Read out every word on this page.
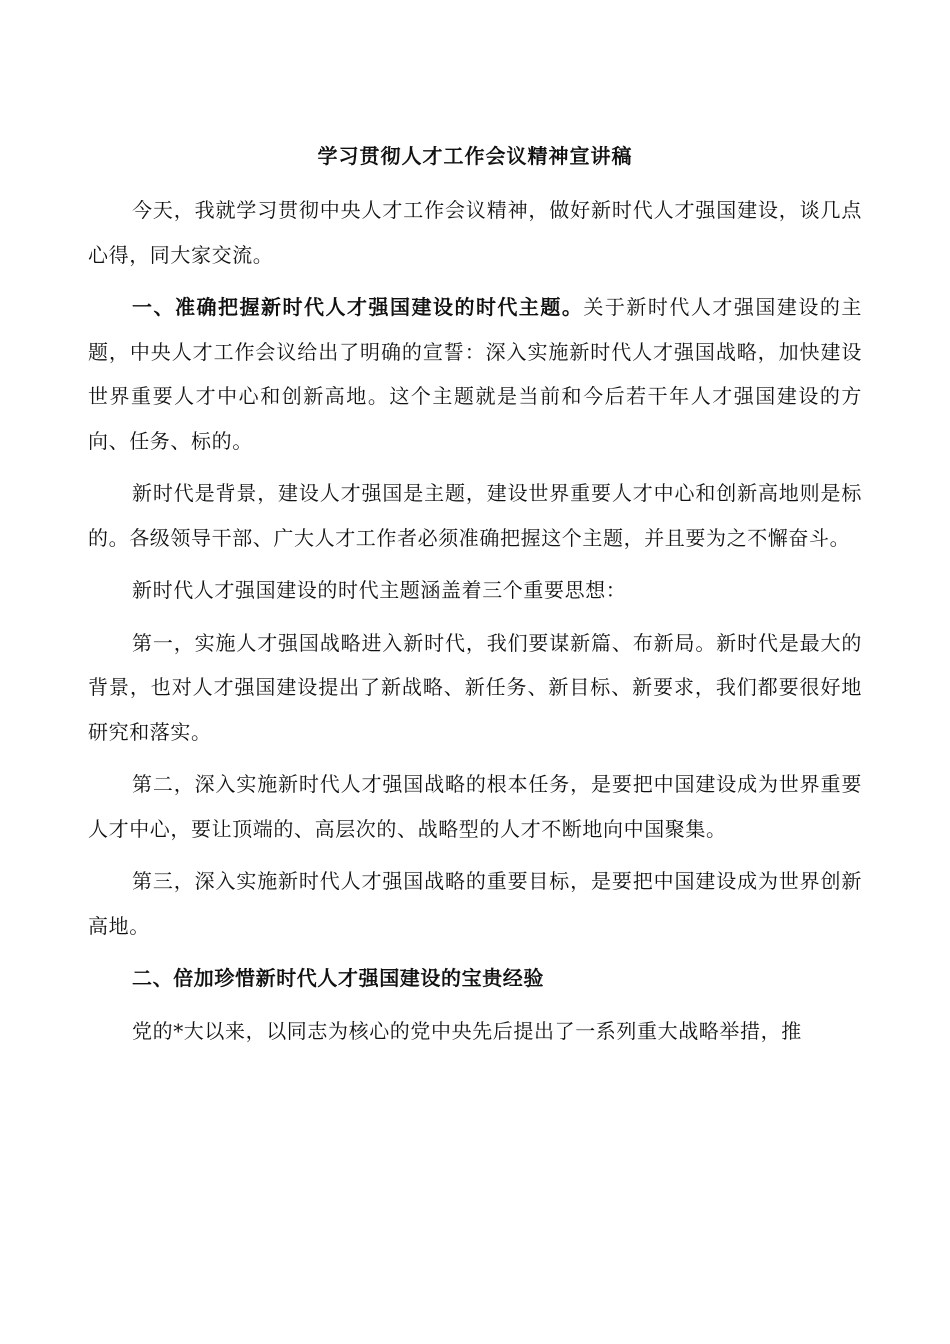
学习贯彻人才工作会议精神宣讲稿

今天，我就学习贯彻中央人才工作会议精神，做好新时代人才强国建设，谈几点心得，同大家交流。

一、准确把握新时代人才强国建设的时代主题。关于新时代人才强国建设的主题，中央人才工作会议给出了明确的宣誓：深入实施新时代人才强国战略，加快建设世界重要人才中心和创新高地。这个主题就是当前和今后若干年人才强国建设的方向、任务、标的。

新时代是背景，建设人才强国是主题，建设世界重要人才中心和创新高地则是标的。各级领导干部、广大人才工作者必须准确把握这个主题，并且要为之不懈奋斗。

新时代人才强国建设的时代主题涵盖着三个重要思想：

第一，实施人才强国战略进入新时代，我们要谋新篇、布新局。新时代是最大的背景，也对人才强国建设提出了新战略、新任务、新目标、新要求，我们都要很好地研究和落实。

第二，深入实施新时代人才强国战略的根本任务，是要把中国建设成为世界重要人才中心，要让顶端的、高层次的、战略型的人才不断地向中国聚集。

第三，深入实施新时代人才强国战略的重要目标，是要把中国建设成为世界创新高地。

二、倍加珍惜新时代人才强国建设的宝贵经验

党的*大以来，以同志为核心的党中央先后提出了一系列重大战略举措，推
